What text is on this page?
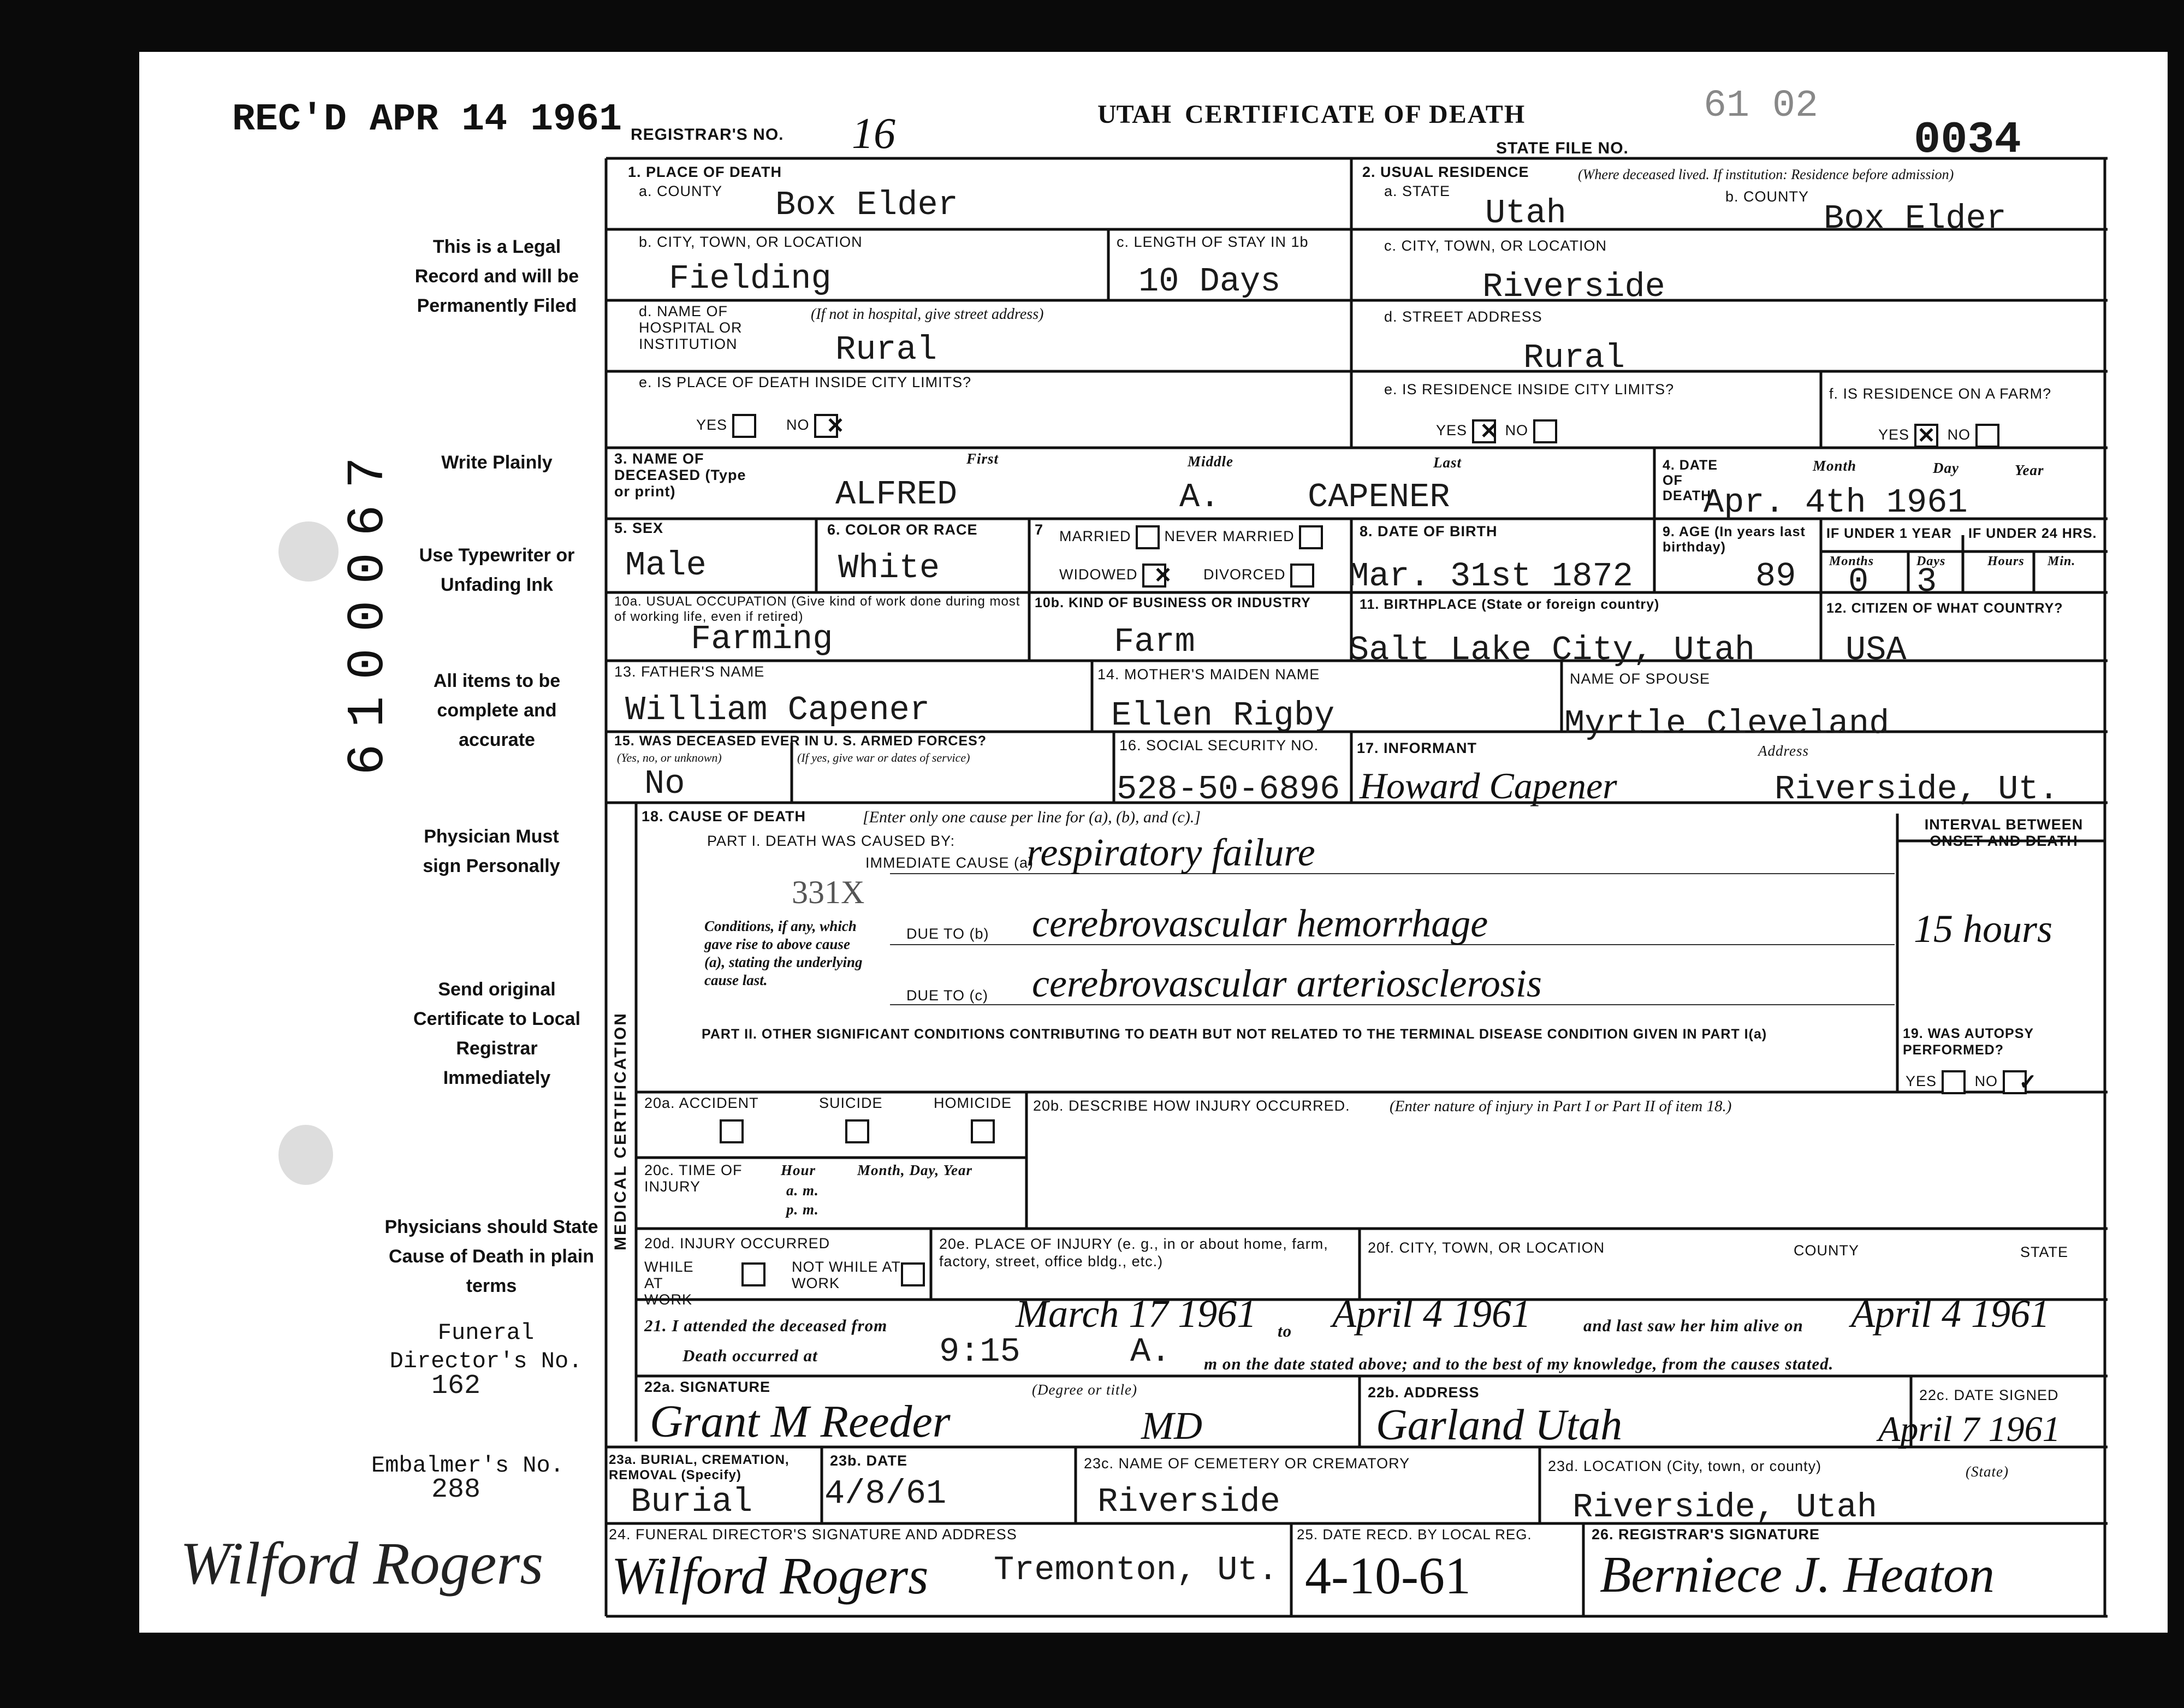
REC'D APR 14 1961 REGISTRAR'S NO. 16	UTAH CERTIFICATE OF DEATH
STATE FILE NO.
61 02
0034
This is a Legal Record and will be Permanently Filed
Write Plainly
Use Typewriter or Unfading Ink
All items to be complete and accurate
Physician Must sign Personally
Send original Certificate to Local Registrar Immediately
Physicians should State Cause of Death in plain terms
Funeral Director's No.
162
Embalmer's No.
288
Wilford Rogers
6100067
1. PLACE OF DEATH
a. COUNTY Box Elder
b. CITY, TOWN, OR LOCATION
Fielding
c. LENGTH OF STAY IN 1b
10 Days
d. NAME OF HOSPITAL OR INSTITUTION
(If not in hospital, give street address)
Rural
e. IS PLACE OF DEATH INSIDE CITY LIMITS?
YES	NO ✕
2. USUAL RESIDENCE	(Where deceased lived. If institution: Residence before admission)
a. STATE
Utah	b. COUNTY
Box Elder
c. CITY, TOWN, OR LOCATION
Riverside
d. STREET ADDRESS
Rural
e. IS RESIDENCE INSIDE CITY LIMITS?
YES	NO
✕
f. IS RESIDENCE ON A FARM?
YES	NO
✕
3. NAME OF DECEASED (Type or print)
First	Middle	Last
ALFRED	A.	CAPENER
4. DATE OF DEATH
Month	Day	Year
Apr. 4th 1961
5. SEX
Male
6. COLOR OR RACE
White
7 MARRIED NEVER MARRIED
WIDOWED	DIVORCED
✕
8. DATE OF BIRTH
Mar. 31st 1872
9. AGE (In years last birthday)
89
IF UNDER 1 YEAR
Months	Days
0 3
IF UNDER 24 HRS.
Hours Min.
10a. USUAL OCCUPATION (Give kind of work done during most of working life, even if retired)
Farming
10b. KIND OF BUSINESS OR INDUSTRY
Farm
11. BIRTHPLACE (State or foreign country)
Salt Lake City, Utah
12. CITIZEN OF WHAT COUNTRY?
USA
13. FATHER'S NAME
William Capener
14. MOTHER'S MAIDEN NAME
Ellen Rigby
NAME OF SPOUSE
Myrtle Cleveland
15. WAS DECEASED EVER IN U. S. ARMED FORCES?
(Yes, no, or unknown)	(If yes, give war or dates of service)
No
16. SOCIAL SECURITY NO.
528-50-6896
17. INFORMANT	Address
Howard Capener	Riverside, Ut.
MEDICAL CERTIFICATION
18. CAUSE OF DEATH	[Enter only one cause per line for (a), (b), and (c).]
PART I. DEATH WAS CAUSED BY:
IMMEDIATE CAUSE (a)
respiratory failure
331X
Conditions, if any, which gave rise to above cause (a), stating the underlying cause last.
DUE TO (b) cerebrovascular hemorrhage
DUE TO (c) cerebrovascular arteriosclerosis
INTERVAL BETWEEN ONSET AND DEATH
15 hours
PART II. OTHER SIGNIFICANT CONDITIONS CONTRIBUTING TO DEATH BUT NOT RELATED TO THE TERMINAL DISEASE CONDITION GIVEN IN PART I(a)	19. WAS AUTOPSY PERFORMED?
YES	NO ✓
20a. ACCIDENT	SUICIDE	HOMICIDE 20b. DESCRIBE HOW INJURY OCCURRED. (Enter nature of injury in Part I or Part II of item 18.)
20c. TIME OF INJURY
Hour
a. m.
p. m.
Month, Day, Year
20d. INJURY OCCURRED
WHILE AT WORK
NOT WHILE AT WORK
20e. PLACE OF INJURY (e. g., in or about home, farm, factory, street, office bldg., etc.)
20f. CITY, TOWN, OR LOCATION	COUNTY	STATE
21. I attended the deceased from	March 17 1961 to April 4 1961	and last saw her him alive on April 4 1961
Death occurred at	9:15	A. m on the date stated above; and to the best of my knowledge, from the causes stated.
22a. SIGNATURE	(Degree or title)
Grant M Reeder	MD
22b. ADDRESS
Garland Utah
22c. DATE SIGNED
April 7 1961
23a. BURIAL, CREMATION, REMOVAL (Specify)
Burial
23b. DATE
4/8/61
23c. NAME OF CEMETERY OR CREMATORY
Riverside
23d. LOCATION (City, town, or county)	(State)
Riverside, Utah
24. FUNERAL DIRECTOR'S SIGNATURE AND ADDRESS
Wilford Rogers Tremonton, Ut.
25. DATE RECD. BY LOCAL REG.
4-10-61
26. REGISTRAR'S SIGNATURE
Berniece J. Heaton
